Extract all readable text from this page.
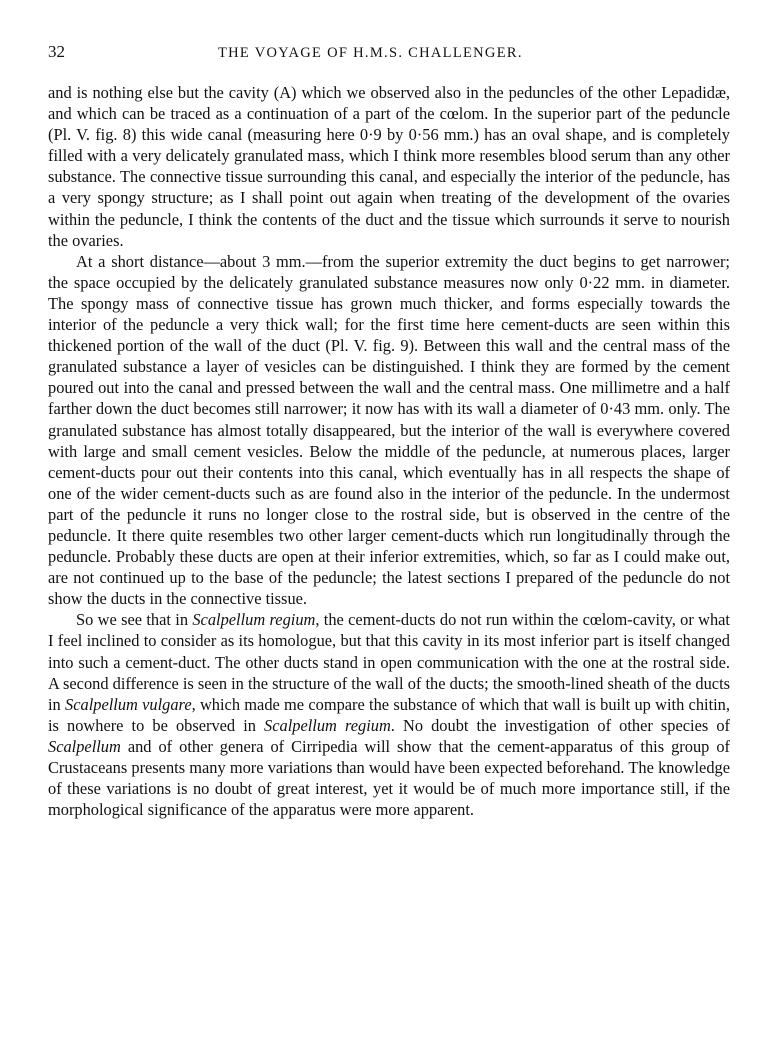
32	THE VOYAGE OF H.M.S. CHALLENGER.

and is nothing else but the cavity (A) which we observed also in the peduncles of the other Lepadidæ, and which can be traced as a continuation of a part of the cœlom. In the superior part of the peduncle (Pl. V. fig. 8) this wide canal (measuring here 0·9 by 0·56 mm.) has an oval shape, and is completely filled with a very delicately granulated mass, which I think more resembles blood serum than any other substance. The connective tissue surrounding this canal, and especially the interior of the peduncle, has a very spongy structure; as I shall point out again when treating of the development of the ovaries within the peduncle, I think the contents of the duct and the tissue which surrounds it serve to nourish the ovaries.

At a short distance—about 3 mm.—from the superior extremity the duct begins to get narrower; the space occupied by the delicately granulated substance measures now only 0·22 mm. in diameter. The spongy mass of connective tissue has grown much thicker, and forms especially towards the interior of the peduncle a very thick wall; for the first time here cement-ducts are seen within this thickened portion of the wall of the duct (Pl. V. fig. 9). Between this wall and the central mass of the granulated substance a layer of vesicles can be distinguished. I think they are formed by the cement poured out into the canal and pressed between the wall and the central mass. One millimetre and a half farther down the duct becomes still narrower; it now has with its wall a diameter of 0·43 mm. only. The granulated substance has almost totally disappeared, but the interior of the wall is everywhere covered with large and small cement vesicles. Below the middle of the peduncle, at numerous places, larger cement-ducts pour out their contents into this canal, which eventually has in all respects the shape of one of the wider cement-ducts such as are found also in the interior of the peduncle. In the undermost part of the peduncle it runs no longer close to the rostral side, but is observed in the centre of the peduncle. It there quite resembles two other larger cement-ducts which run longitudinally through the peduncle. Probably these ducts are open at their inferior extremities, which, so far as I could make out, are not continued up to the base of the peduncle; the latest sections I prepared of the peduncle do not show the ducts in the connective tissue.

So we see that in Scalpellum regium, the cement-ducts do not run within the cœlom-cavity, or what I feel inclined to consider as its homologue, but that this cavity in its most inferior part is itself changed into such a cement-duct. The other ducts stand in open communication with the one at the rostral side. A second difference is seen in the structure of the wall of the ducts; the smooth-lined sheath of the ducts in Scalpellum vulgare, which made me compare the substance of which that wall is built up with chitin, is nowhere to be observed in Scalpellum regium. No doubt the investigation of other species of Scalpellum and of other genera of Cirripedia will show that the cement-apparatus of this group of Crustaceans presents many more variations than would have been expected beforehand. The knowledge of these variations is no doubt of great interest, yet it would be of much more importance still, if the morphological significance of the apparatus were more apparent.
